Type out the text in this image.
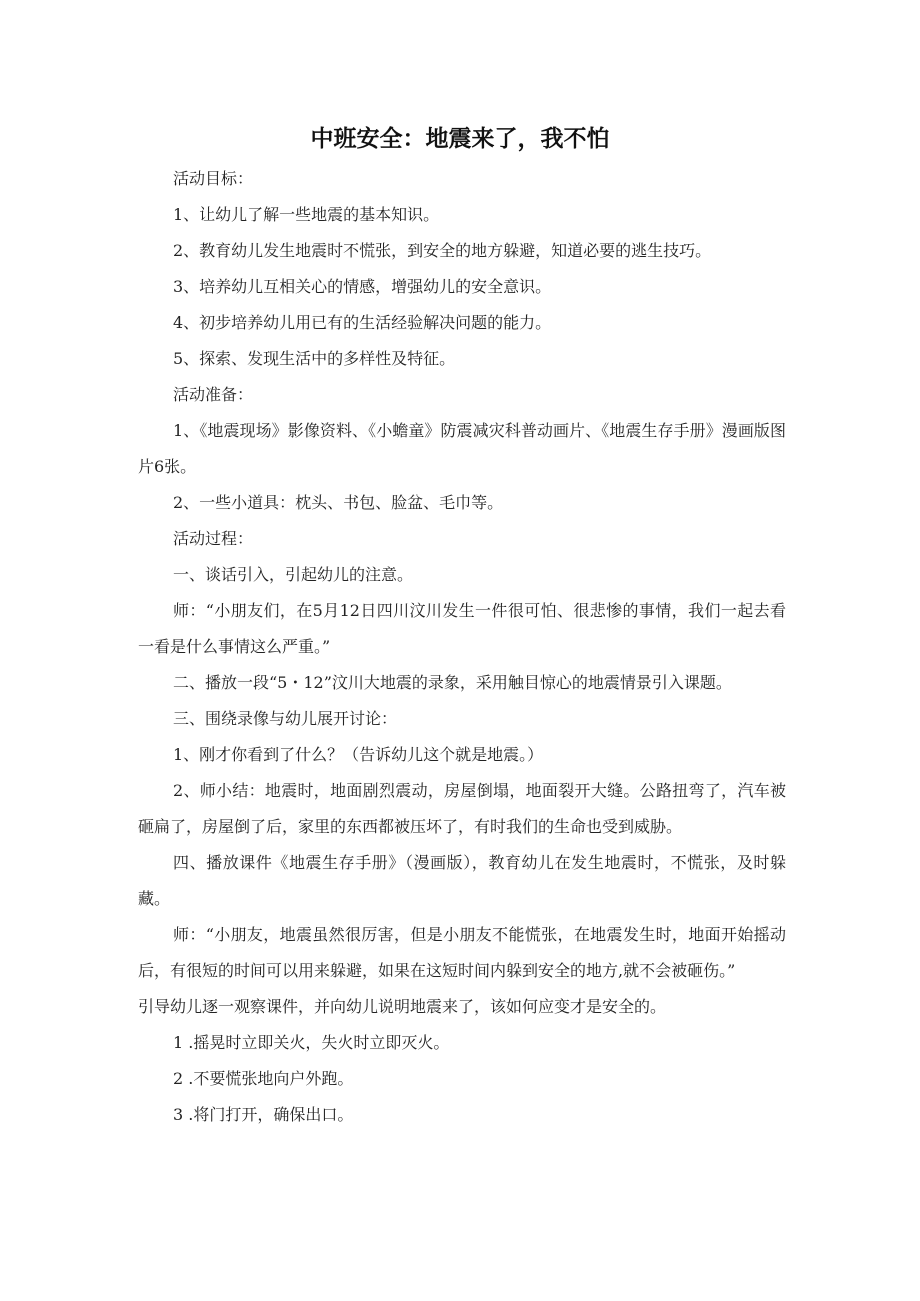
中班安全：地震来了，我不怕

活动目标：

1、让幼儿了解一些地震的基本知识。

2、教育幼儿发生地震时不慌张，到安全的地方躲避，知道必要的逃生技巧。

3、培养幼儿互相关心的情感，增强幼儿的安全意识。

4、初步培养幼儿用已有的生活经验解决问题的能力。

5、探索、发现生活中的多样性及特征。

活动准备：

1、《地震现场》影像资料、《小蟾童》防震减灾科普动画片、《地震生存手册》漫画版图片6张。

2、一些小道具：枕头、书包、脸盆、毛巾等。

活动过程：

一、谈话引入，引起幼儿的注意。

师：“小朋友们，在5月12日四川汶川发生一件很可怕、很悲惨的事情，我们一起去看一看是什么事情这么严重。”

二、播放一段“5・12”汶川大地震的录象，采用触目惊心的地震情景引入课题。

三、围绕录像与幼儿展开讨论：

1、刚才你看到了什么？（告诉幼儿这个就是地震。）

2、师小结：地震时，地面剧烈震动，房屋倒塌，地面裂开大缝。公路扭弯了，汽车被砸扁了，房屋倒了后，家里的东西都被压坏了，有时我们的生命也受到威胁。

四、播放课件《地震生存手册》（漫画版），教育幼儿在发生地震时，不慌张，及时躲藏。

师：“小朋友，地震虽然很厉害，但是小朋友不能慌张，在地震发生时，地面开始摇动后，有很短的时间可以用来躲避，如果在这短时间内躲到安全的地方,就不会被砸伤。”

引导幼儿逐一观察课件，并向幼儿说明地震来了，该如何应变才是安全的。

1 .摇晃时立即关火，失火时立即灭火。

2 .不要慌张地向户外跑。

3 .将门打开，确保出口。
